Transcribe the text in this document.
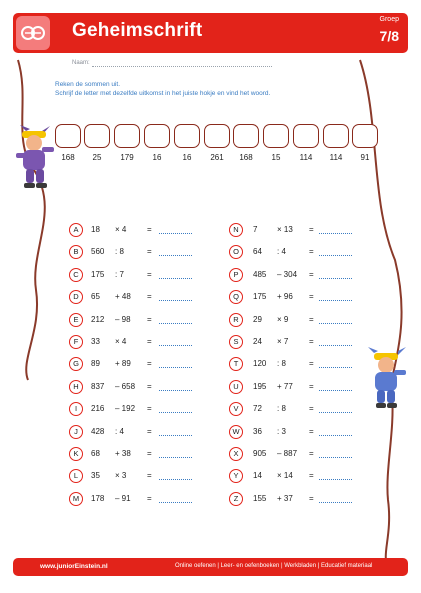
Geheimschrift
Groep
7/8
Naam:
Reken de sommen uit.
Schrijf de letter met dezelfde uitkomst in het juiste hokje en vind het woord.
168	25	179	16	16	261	168	15	114	114	91
A	18 × 4	=
B	560 : 8	=
C	175 : 7	=
D	65 + 48 =
E	212 – 98 =
F	33 × 4	=
G	89 + 89 =
H	837 – 658 =
I	216 – 192 =
J	428 : 4	=
K	68 + 38 =
L	35 × 3	=
M	178 – 91 =
N	7 × 13 =
O	64 : 4	=
P	485 – 304 =
Q	175 + 96 =
R	29 × 9	=
S	24 × 7	=
T	120 : 8	=
U	195 + 77 =
V	72 : 8	=
W	36 : 3	=
X	905 – 887 =
Y	14 × 14 =
Z	155 + 37 =
www.juniorEinstein.nl	Online oefenen | Leer- en oefenboeken | Werkbladen | Educatief materiaal
